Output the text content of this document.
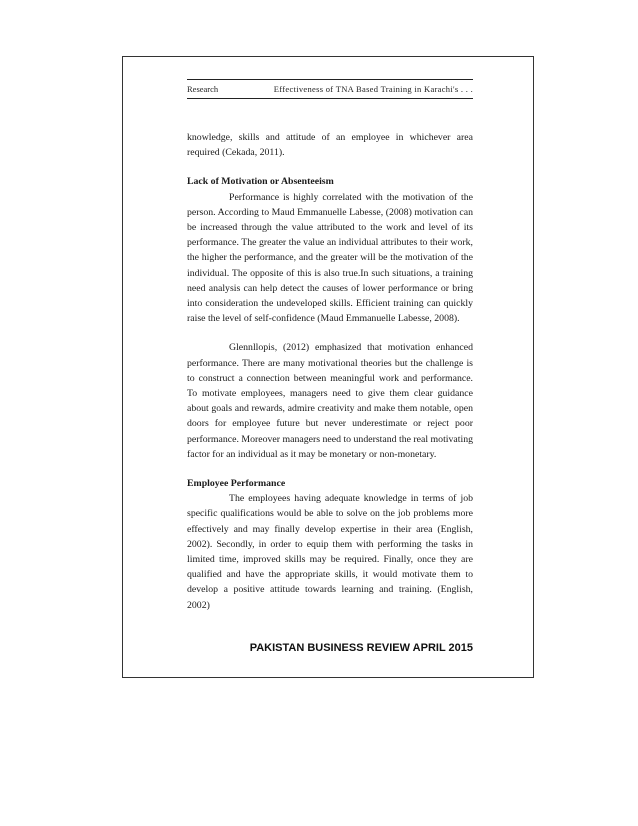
Research	Effectiveness of TNA Based Training in Karachi's . . .

knowledge, skills and attitude of an employee in whichever area required (Cekada, 2011).

Lack of Motivation or Absenteeism

Performance is highly correlated with the motivation of the person. According to Maud Emmanuelle Labesse, (2008) motivation can be increased through the value attributed to the work and level of its performance. The greater the value an individual attributes to their work, the higher the performance, and the greater will be the motivation of the individual. The opposite of this is also true.In such situations, a training need analysis can help detect the causes of lower performance or bring into consideration the undeveloped skills. Efficient training can quickly raise the level of self-confidence (Maud Emmanuelle Labesse, 2008).

Glennllopis, (2012) emphasized that motivation enhanced performance. There are many motivational theories but the challenge is to construct a connection between meaningful work and performance. To motivate employees, managers need to give them clear guidance about goals and rewards, admire creativity and make them notable, open doors for employee future but never underestimate or reject poor performance. Moreover managers need to understand the real motivating factor for an individual as it may be monetary or non-monetary.

Employee Performance

The employees having adequate knowledge in terms of job specific qualifications would be able to solve on the job problems more effectively and may finally develop expertise in their area (English, 2002). Secondly, in order to equip them with performing the tasks in limited time, improved skills may be required. Finally, once they are qualified and have the appropriate skills, it would motivate them to develop a positive attitude towards learning and training. (English, 2002)

PAKISTAN BUSINESS REVIEW APRIL 2015
